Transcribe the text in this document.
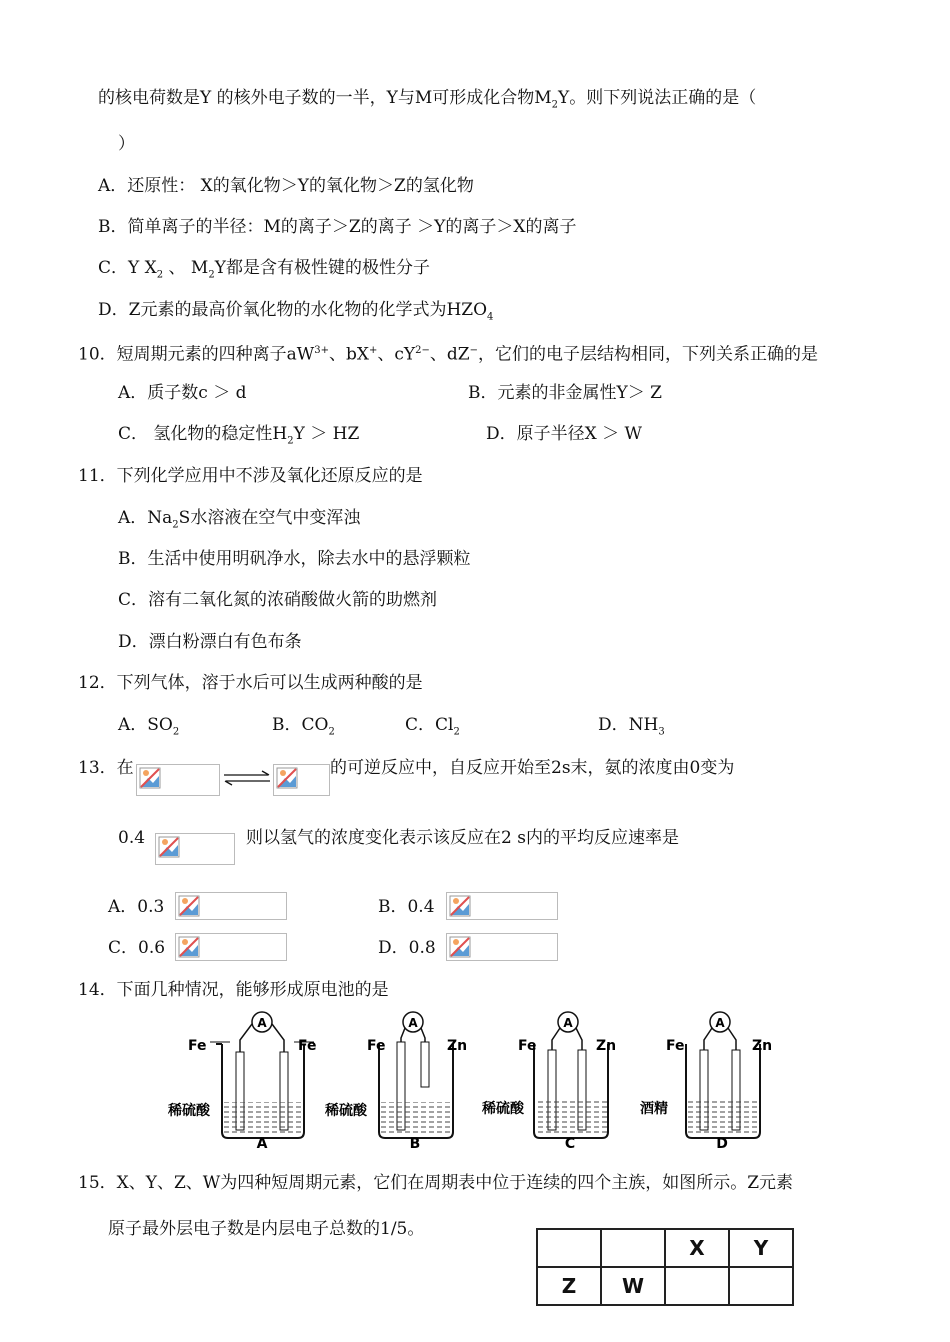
的核电荷数是Y 的核外电子数的一半，Y与M可形成化合物$M_2Y$。则下列说法正确的是（
）
A．还原性： X的氧化物＞Y的氧化物＞Z的氢化物
B．简单离子的半径：M的离子＞Z的离子 ＞Y的离子＞X的离子
C．Y $X_2$ 、 $M_2Y$都是含有极性键的极性分子
D．Z元素的最高价氧化物的水化物的化学式为$HZO_4$
10．短周期元素的四种离子$aW^{3+}$、bX+、$cY^{2-}$、dZ−，它们的电子层结构相同，下列关系正确的是
A．质子数c ＞ d	B．元素的非金属性Y＞ Z
C． 氢化物的稳定性$H_2Y$ ＞ HZ	D．原子半径X ＞ W
11．下列化学应用中不涉及氧化还原反应的是
A．$Na_2S$水溶液在空气中变浑浊
B．生活中使用明矾净水，除去水中的悬浮颗粒
C．溶有二氧化氮的浓硝酸做火箭的助燃剂
D．漂白粉漂白有色布条
12．下列气体，溶于水后可以生成两种酸的是
A．$SO_2$	B．$CO_2$	C．$Cl_2$	D．$NH_3$
13．在	的可逆反应中，自反应开始至2s末，氨的浓度由0变为
0.4	则以氢气的浓度变化表示该反应在2 s内的平均反应速率是
A．0.3	B．0.4
C．0.6	D．0.8
14．下面几种情况，能够形成原电池的是
A
Fe	Fe
稀硫酸
A
A
Fe	Zn
稀硫酸
B
A
Fe	Zn
稀硫酸
C
A
Fe	Zn
酒精
D
15．X、Y、Z、W为四种短周期元素，它们在周期表中位于连续的四个主族，如图所示。Z元素
原子最外层电子数是内层电子总数的1/5。
		X	Y
Z	W		
